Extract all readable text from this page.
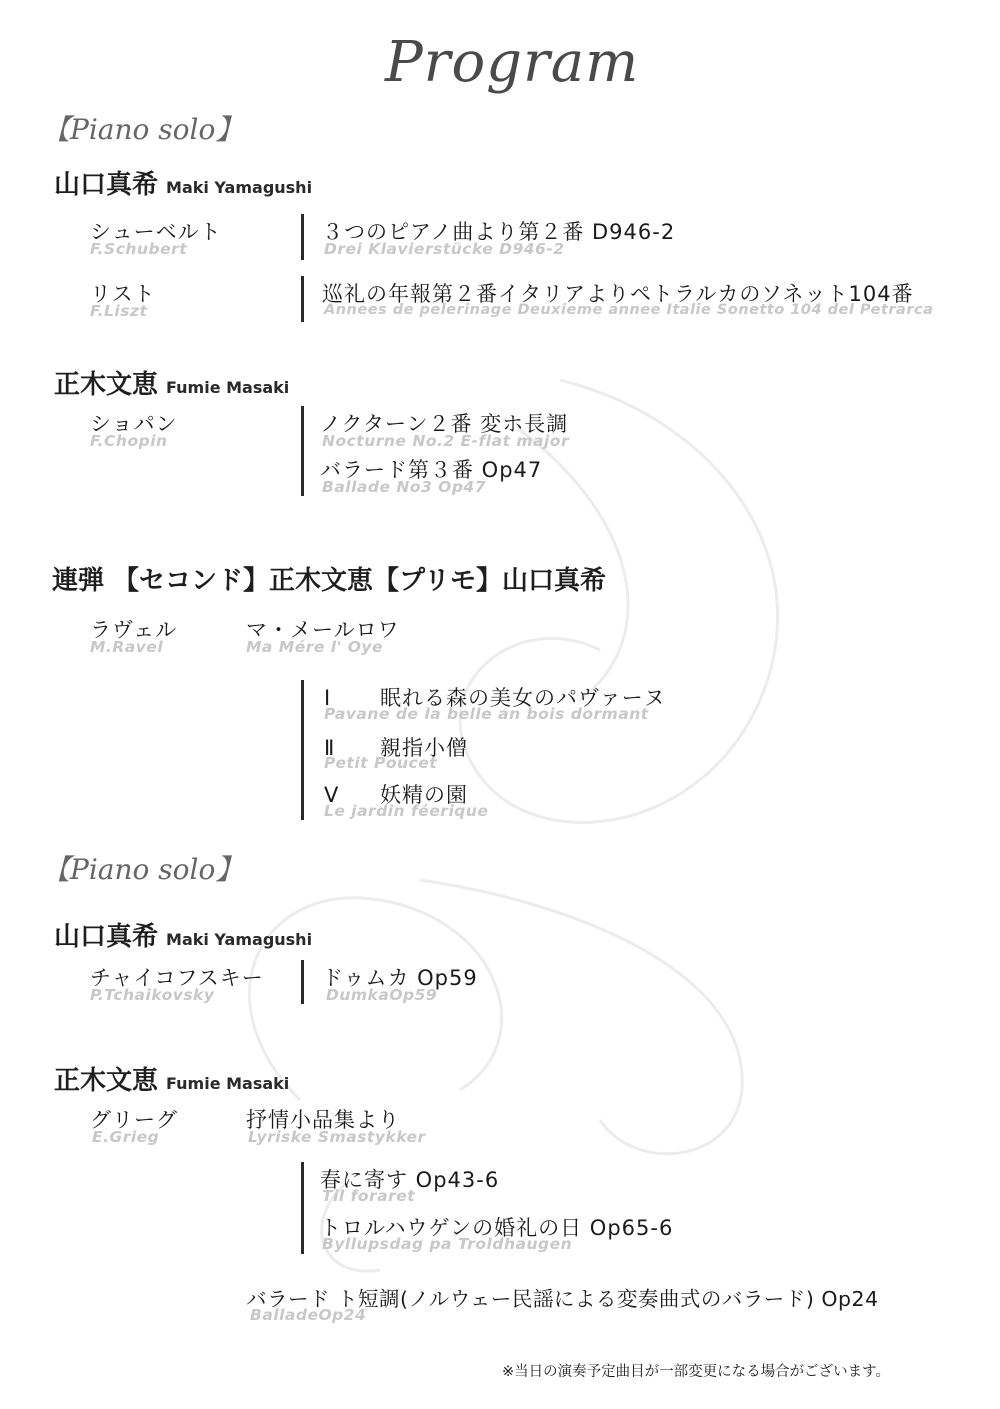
Program
【Piano solo】
山口真希 Maki Yamagushi
シューベルト
F.Schubert
３つのピアノ曲より第２番 D946-2
Drei Klavierstücke D946-2
リスト
F.Liszt
巡礼の年報第２番イタリアよりペトラルカのソネット104番
Annees de pelerinage Deuxieme annee Italie Sonetto 104 del Petrarca
正木文恵 Fumie Masaki
ショパン
F.Chopin
ノクターン２番 変ホ長調
Nocturne No.2 E-flat major
バラード第３番 Op47
Ballade No3 Op47
連弾 【セコンド】正木文恵【プリモ】山口真希
ラヴェル
M.Ravel
マ・メールロワ
Ma Mére l' Oye
Ⅰ 眠れる森の美女のパヴァーヌ
Pavane de la belle an bois dormant
Ⅱ 親指小僧
Petit Poucet
Ⅴ 妖精の園
Le jardin féerique
【Piano solo】
山口真希 Maki Yamagushi
チャイコフスキー
P.Tchaikovsky
ドゥムカ Op59
DumkaOp59
正木文恵 Fumie Masaki
グリーグ
E.Grieg
抒情小品集より
Lyriske Smastykker
春に寄す Op43-6
Til foraret
トロルハウゲンの婚礼の日 Op65-6
Byllupsdag pa Troldhaugen
バラード ト短調(ノルウェー民謡による変奏曲式のバラード) Op24
BalladeOp24
※当日の演奏予定曲目が一部変更になる場合がございます。
